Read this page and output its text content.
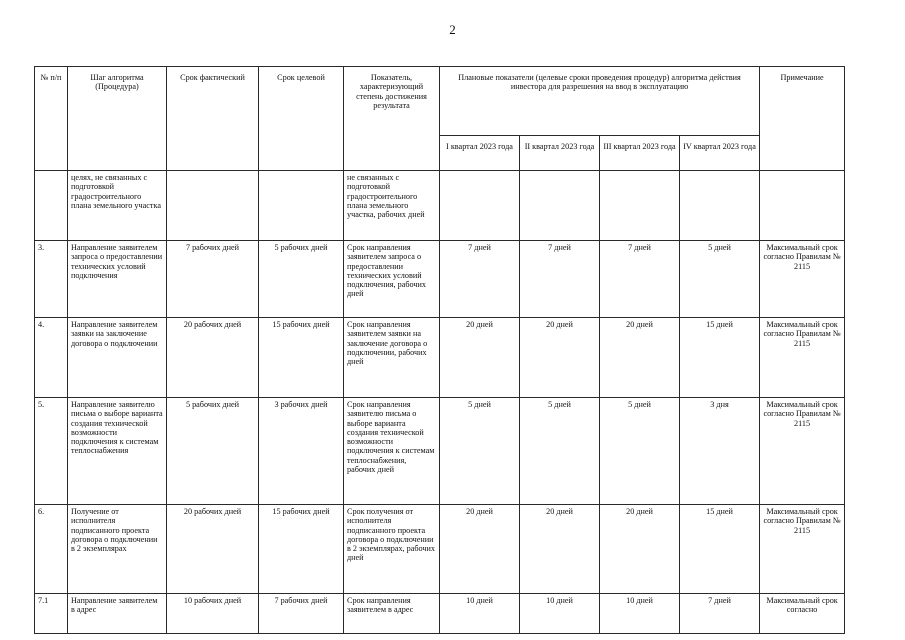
2
№ п/п	Шаг алгоритма (Процедура)	Срок фактический	Срок целевой	Показатель, характеризующий степень достижения результата	Плановые показатели (целевые сроки проведения процедур) алгоритма действия инвестора для разрешения на ввод в эксплуатацию				Примечание
					I квартал 2023 года	II квартал 2023 года	III квартал 2023 года	IV квартал 2023 года	
	целях, не связанных с подготовкой градостроительного плана земельного участка			не связанных с подготовкой градостроительного плана земельного участка, рабочих дней					
3.	Направление заявителем запроса о предоставлении технических условий подключения	7 рабочих дней	5 рабочих дней	Срок направления заявителем запроса о предоставлении технических условий подключения, рабочих дней	7 дней	7 дней	7 дней	5 дней	Максимальный срок согласно Правилам № 2115
4.	Направление заявителем заявки на заключение договора о подключении	20 рабочих дней	15 рабочих дней	Срок направления заявителем заявки на заключение договора о подключении, рабочих дней	20 дней	20 дней	20 дней	15 дней	Максимальный срок согласно Правилам № 2115
5.	Направление заявителю письма о выборе варианта создания технической возможности подключения к системам теплоснабжения	5 рабочих дней	3 рабочих дней	Срок направления заявителю письма о выборе варианта создания технической возможности подключения к системам теплоснабжения, рабочих дней	5 дней	5 дней	5 дней	3 дня	Максимальный срок согласно Правилам № 2115
6.	Получение от исполнителя подписанного проекта договора о подключении в 2 экземплярах	20 рабочих дней	15 рабочих дней	Срок получения от исполнителя подписанного проекта договора о подключении в 2 экземплярах, рабочих дней	20 дней	20 дней	20 дней	15 дней	Максимальный срок согласно Правилам № 2115
7.1	Направление заявителем в адрес	10 рабочих дней	7 рабочих дней	Срок направления заявителем в адрес	10 дней	10 дней	10 дней	7 дней	Максимальный срок согласно
